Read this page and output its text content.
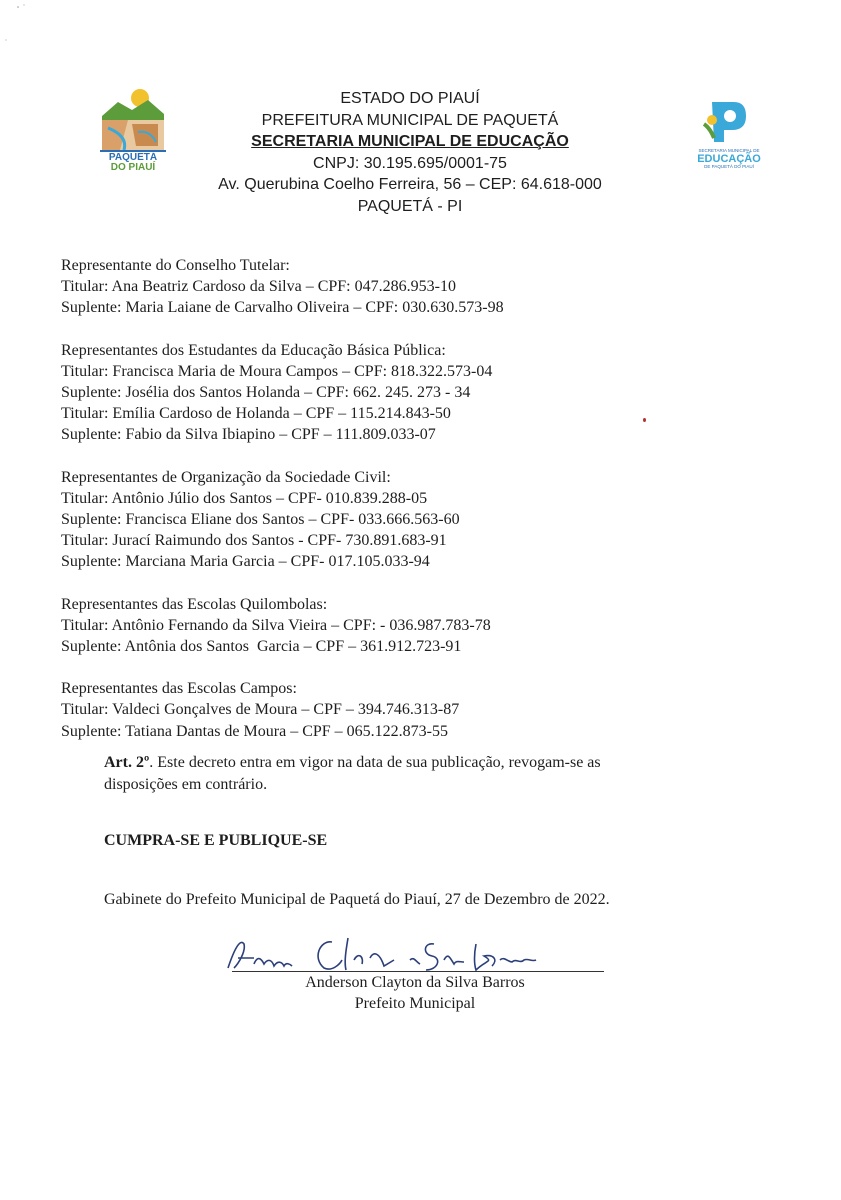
PAQUETÁ
DO PIAUÍ
ESTADO DO PIAUÍ
PREFEITURA MUNICIPAL DE PAQUETÁ
SECRETARIA MUNICIPAL DE EDUCAÇÃO
CNPJ: 30.195.695/0001-75
Av. Querubina Coelho Ferreira, 56 – CEP: 64.618-000
PAQUETÁ - PI
SECRETARIA MUNICIPAL DE
EDUCAÇÃO
DE PAQUETÁ DO PIAUÍ
Representante do Conselho Tutelar:
Titular: Ana Beatriz Cardoso da Silva – CPF: 047.286.953-10
Suplente: Maria Laiane de Carvalho Oliveira – CPF: 030.630.573-98
Representantes dos Estudantes da Educação Básica Pública:
Titular: Francisca Maria de Moura Campos – CPF: 818.322.573-04
Suplente: Josélia dos Santos Holanda – CPF: 662. 245. 273 - 34
Titular: Emília Cardoso de Holanda – CPF – 115.214.843-50
Suplente: Fabio da Silva Ibiapino – CPF – 111.809.033-07
Representantes de Organização da Sociedade Civil:
Titular: Antônio Júlio dos Santos – CPF- 010.839.288-05
Suplente: Francisca Eliane dos Santos – CPF- 033.666.563-60
Titular: Jurací Raimundo dos Santos - CPF- 730.891.683-91
Suplente: Marciana Maria Garcia – CPF- 017.105.033-94
Representantes das Escolas Quilombolas:
Titular: Antônio Fernando da Silva Vieira – CPF: - 036.987.783-78
Suplente: Antônia dos Santos  Garcia – CPF – 361.912.723-91
Representantes das Escolas Campos:
Titular: Valdeci Gonçalves de Moura – CPF – 394.746.313-87
Suplente: Tatiana Dantas de Moura – CPF – 065.122.873-55
Art. 2º. Este decreto entra em vigor na data de sua publicação, revogam-se as disposições em contrário.
CUMPRA-SE E PUBLIQUE-SE
Gabinete do Prefeito Municipal de Paquetá do Piauí, 27 de Dezembro de 2022.
Anderson Clayton da Silva Barros
Prefeito Municipal
